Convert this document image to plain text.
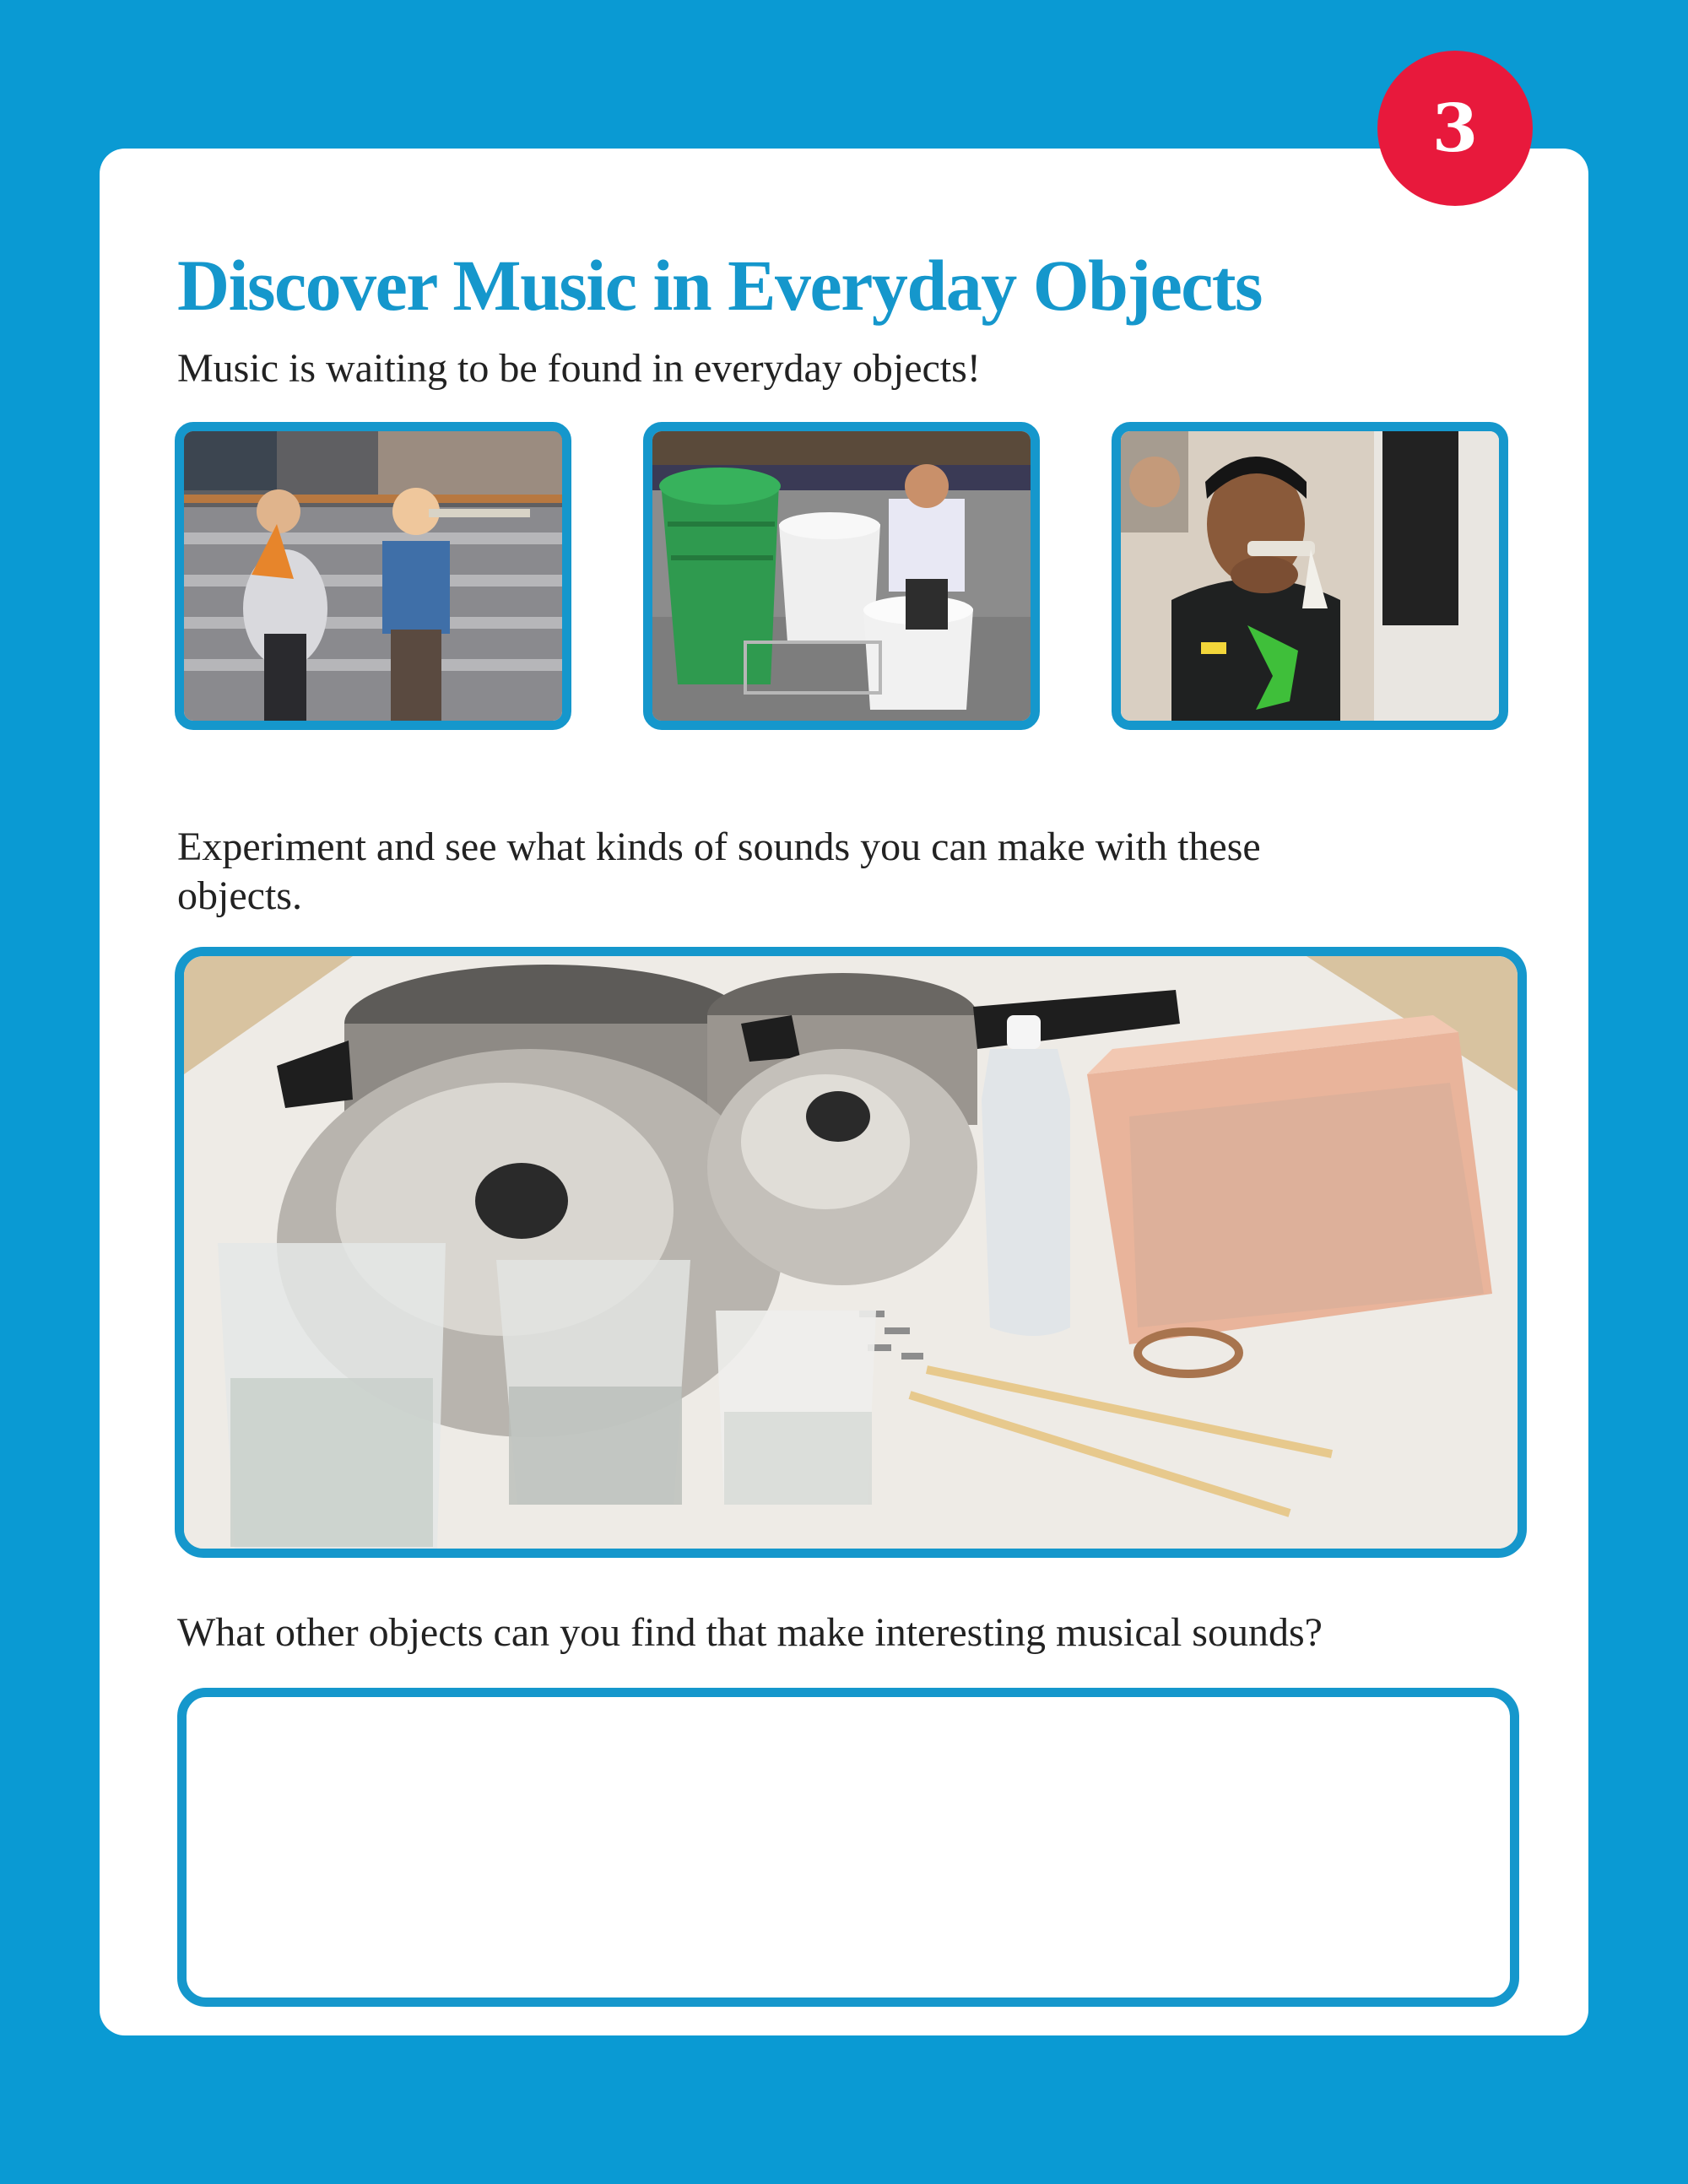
3
Discover Music in Everyday Objects

Music is waiting to be found in everyday objects!

Experiment and see what kinds of sounds you can make with these objects.

What other objects can you find that make interesting musical sounds?
